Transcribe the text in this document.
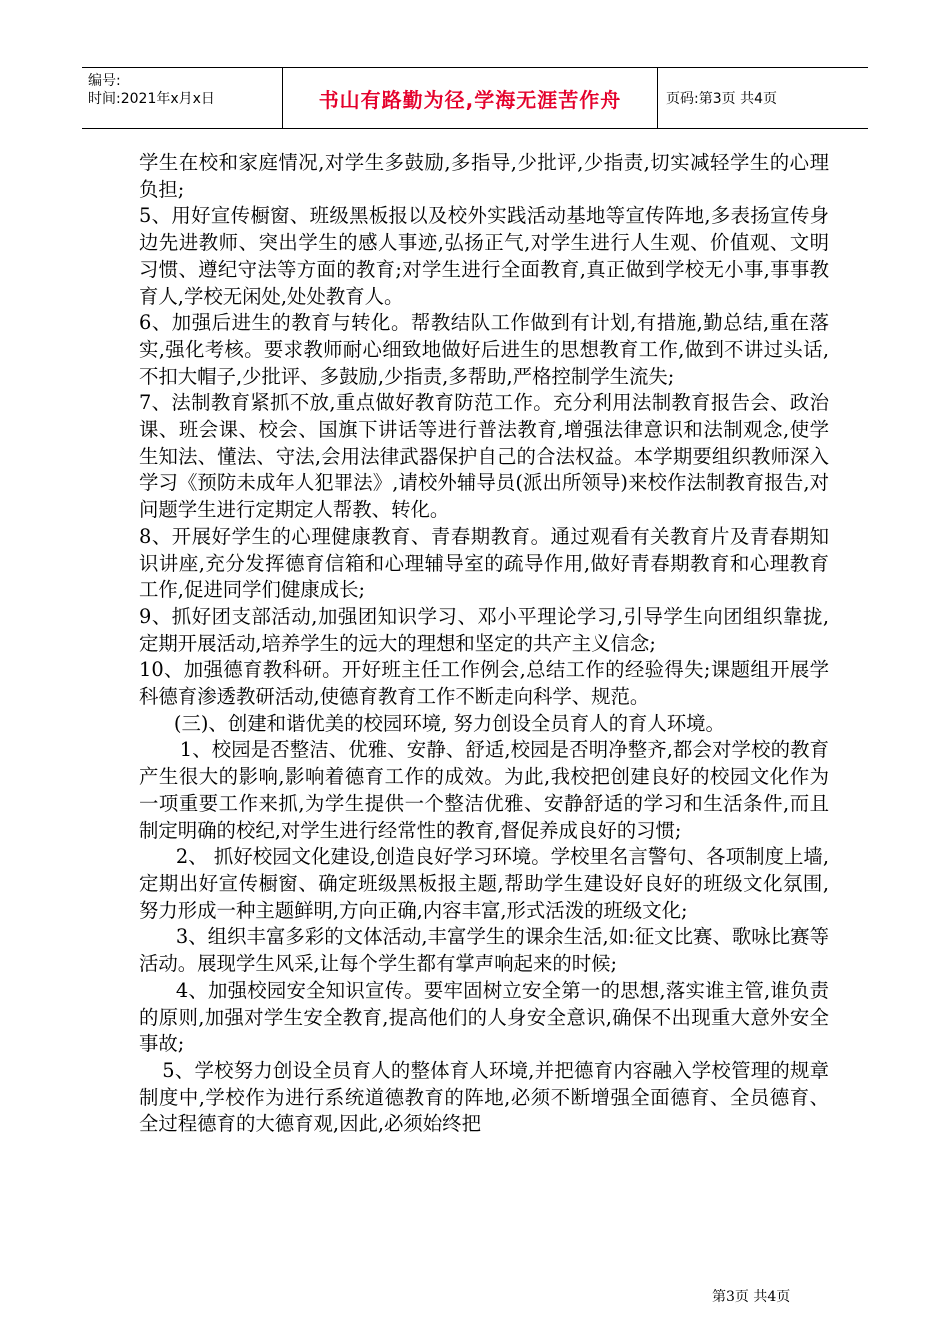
编号:
时间:2021年x月x日	书山有路勤为径,学海无涯苦作舟	页码:第3页 共4页

学生在校和家庭情况,对学生多鼓励,多指导,少批评,少指责,切实减轻学生的心理负担;

5、用好宣传橱窗、班级黑板报以及校外实践活动基地等宣传阵地,多表扬宣传身边先进教师、突出学生的感人事迹,弘扬正气,对学生进行人生观、价值观、文明习惯、遵纪守法等方面的教育;对学生进行全面教育,真正做到学校无小事,事事教育人,学校无闲处,处处教育人。

6、加强后进生的教育与转化。帮教结队工作做到有计划,有措施,勤总结,重在落实,强化考核。要求教师耐心细致地做好后进生的思想教育工作,做到不讲过头话,不扣大帽子,少批评、多鼓励,少指责,多帮助,严格控制学生流失;

7、法制教育紧抓不放,重点做好教育防范工作。充分利用法制教育报告会、政治课、班会课、校会、国旗下讲话等进行普法教育,增强法律意识和法制观念,使学生知法、懂法、守法,会用法律武器保护自己的合法权益。本学期要组织教师深入学习《预防未成年人犯罪法》,请校外辅导员(派出所领导)来校作法制教育报告,对问题学生进行定期定人帮教、转化。

8、开展好学生的心理健康教育、青春期教育。通过观看有关教育片及青春期知识讲座,充分发挥德育信箱和心理辅导室的疏导作用,做好青春期教育和心理教育工作,促进同学们健康成长;

9、抓好团支部活动,加强团知识学习、邓小平理论学习,引导学生向团组织靠拢,定期开展活动,培养学生的远大的理想和坚定的共产主义信念;

10、加强德育教科研。开好班主任工作例会,总结工作的经验得失;课题组开展学科德育渗透教研活动,使德育教育工作不断走向科学、规范。

(三)、创建和谐优美的校园环境, 努力创设全员育人的育人环境。

1、校园是否整洁、优雅、安静、舒适,校园是否明净整齐,都会对学校的教育产生很大的影响,影响着德育工作的成效。为此,我校把创建良好的校园文化作为一项重要工作来抓,为学生提供一个整洁优雅、安静舒适的学习和生活条件,而且制定明确的校纪,对学生进行经常性的教育,督促养成良好的习惯;

2、 抓好校园文化建设,创造良好学习环境。学校里名言警句、各项制度上墙,定期出好宣传橱窗、确定班级黑板报主题,帮助学生建设好良好的班级文化氛围,努力形成一种主题鲜明,方向正确,内容丰富,形式活泼的班级文化;

3、组织丰富多彩的文体活动,丰富学生的课余生活,如:征文比赛、歌咏比赛等活动。展现学生风采,让每个学生都有掌声响起来的时候;

4、加强校园安全知识宣传。要牢固树立安全第一的思想,落实谁主管,谁负责的原则,加强对学生安全教育,提高他们的人身安全意识,确保不出现重大意外安全事故;

5、学校努力创设全员育人的整体育人环境,并把德育内容融入学校管理的规章制度中,学校作为进行系统道德教育的阵地,必须不断增强全面德育、全员德育、全过程德育的大德育观,因此,必须始终把

第3页 共4页
